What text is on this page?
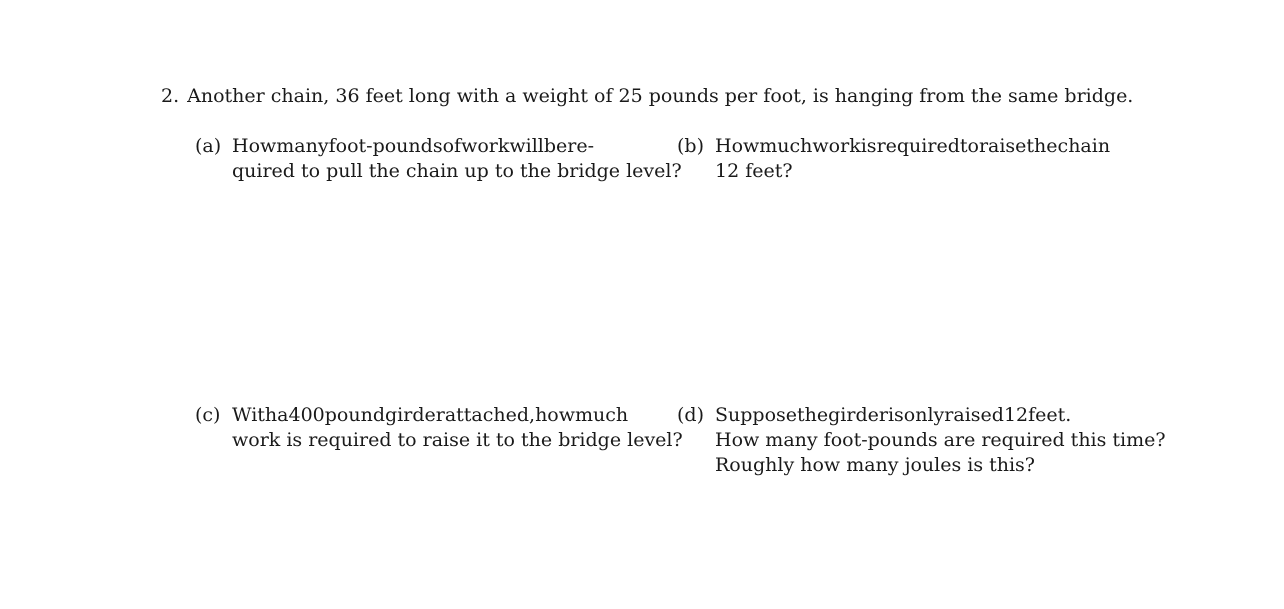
2. Another chain, 36 feet long with a weight of 25 pounds per foot, is hanging from the same bridge.
(a) Howmanyfoot-poundsofworkwillbere-
quired to pull the chain up to the bridge level?
(b) Howmuchworkisrequiredtoraisethechain
12 feet?
(c) Witha400poundgirderattached,howmuch
work is required to raise it to the bridge level?
(d) Supposethegirderisonlyraised12feet.
How many foot-pounds are required this time?
Roughly how many joules is this?
